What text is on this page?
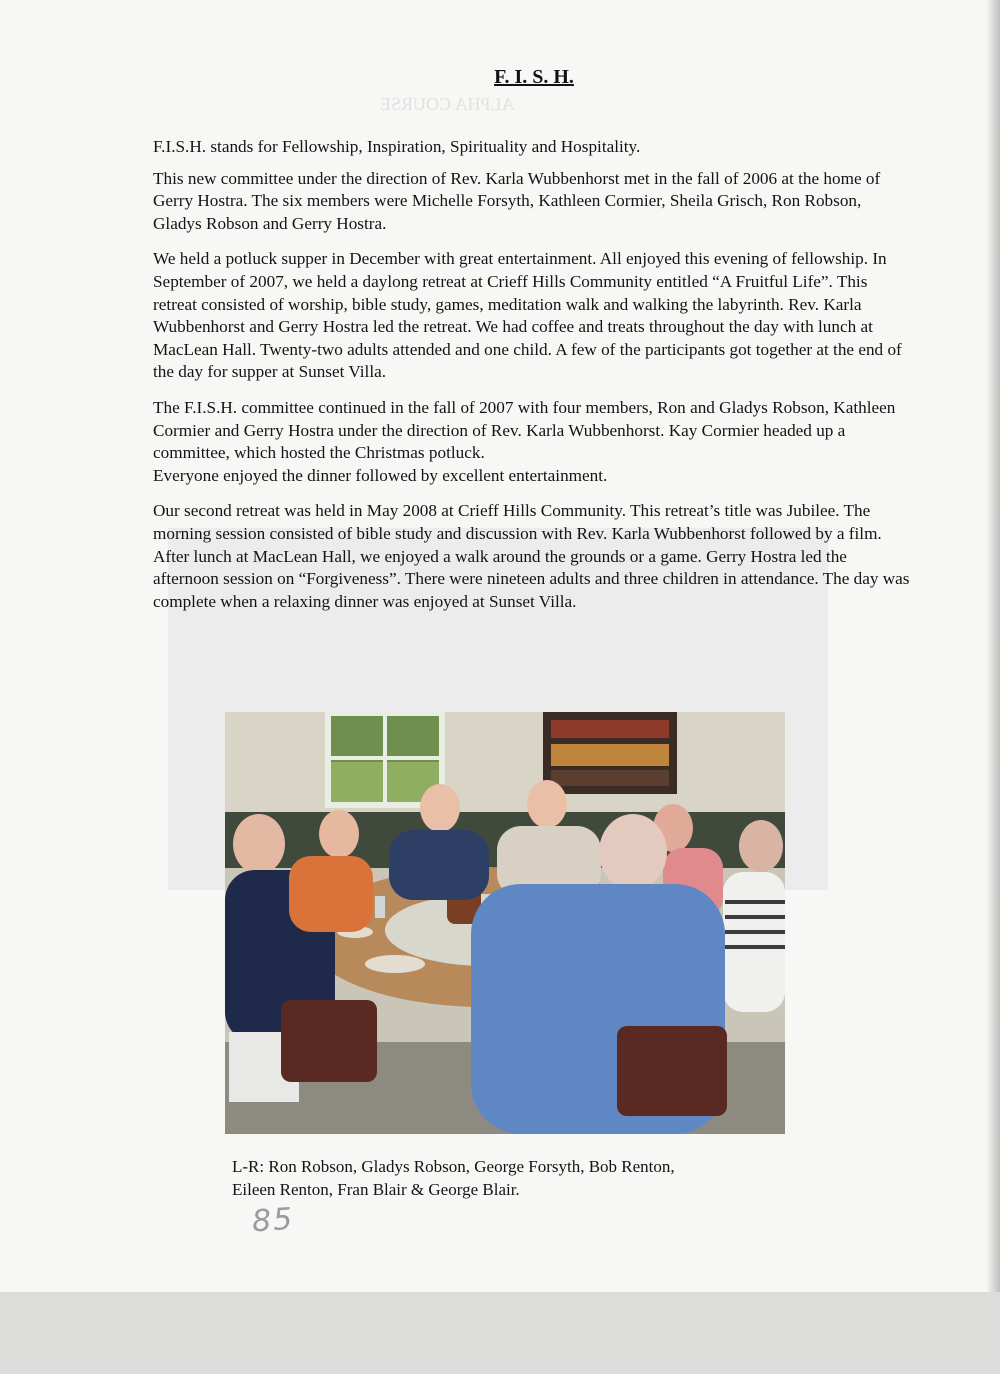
ALPHA COURSE
F. I. S. H.

F.I.S.H. stands for Fellowship, Inspiration, Spirituality and Hospitality.

This new committee under the direction of Rev. Karla Wubbenhorst met in the fall of 2006 at the home of Gerry Hostra. The six members were Michelle Forsyth, Kathleen Cormier, Sheila Grisch, Ron Robson, Gladys Robson and Gerry Hostra.

We held a potluck supper in December with great entertainment. All enjoyed this evening of fellowship. In September of 2007, we held a daylong retreat at Crieff Hills Community entitled “A Fruitful Life”. This retreat consisted of worship, bible study, games, meditation walk and walking the labyrinth. Rev. Karla Wubbenhorst and Gerry Hostra led the retreat. We had coffee and treats throughout the day with lunch at MacLean Hall. Twenty-two adults attended and one child. A few of the participants got together at the end of the day for supper at Sunset Villa.

The F.I.S.H. committee continued in the fall of 2007 with four members, Ron and Gladys Robson, Kathleen Cormier and Gerry Hostra under the direction of Rev. Karla Wubbenhorst. Kay Cormier headed up a committee, which hosted the Christmas potluck.

Everyone enjoyed the dinner followed by excellent entertainment.

Our second retreat was held in May 2008 at Crieff Hills Community. This retreat’s title was Jubilee. The morning session consisted of bible study and discussion with Rev. Karla Wubbenhorst followed by a film. After lunch at MacLean Hall, we enjoyed a walk around the grounds or a game. Gerry Hostra led the afternoon session on “Forgiveness”. There were nineteen adults and three children in attendance. The day was complete when a relaxing dinner was enjoyed at Sunset Villa.

L-R: Ron Robson, Gladys Robson, George Forsyth, Bob Renton,
Eileen Renton, Fran Blair & George Blair.
85
